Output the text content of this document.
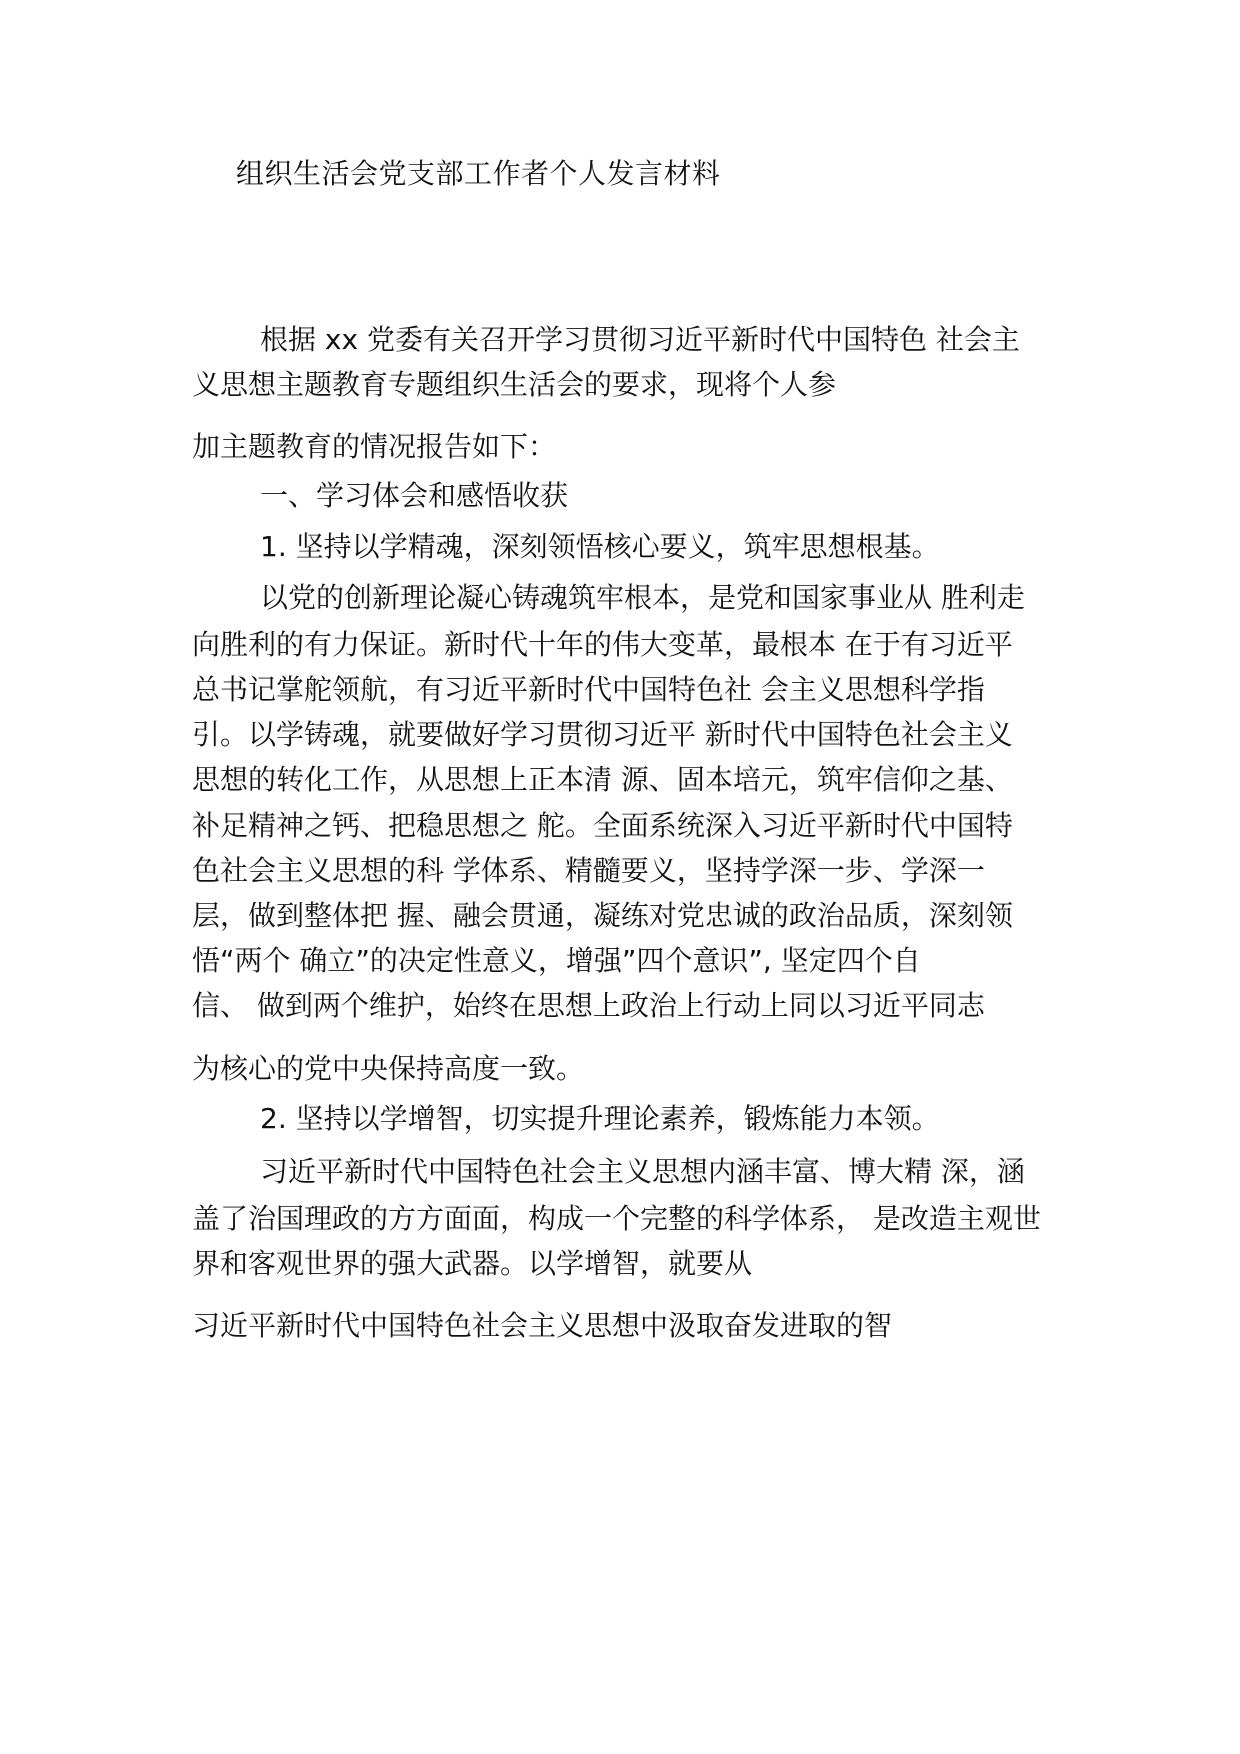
组织生活会党支部工作者个人发言材料
根据 xx 党委有关召开学习贯彻习近平新时代中国特色 社会主
义思想主题教育专题组织生活会的要求，现将个人参
加主题教育的情况报告如下：
一、学习体会和感悟收获
1. 坚持以学精魂，深刻领悟核心要义，筑牢思想根基。
以党的创新理论凝心铸魂筑牢根本，是党和国家事业从 胜利走
向胜利的有力保证。新时代十年的伟大变革，最根本 在于有习近平
总书记掌舵领航，有习近平新时代中国特色社 会主义思想科学指
引。以学铸魂，就要做好学习贯彻习近平 新时代中国特色社会主义
思想的转化工作，从思想上正本清 源、固本培元，筑牢信仰之基、
补足精神之钙、把稳思想之 舵。全面系统深入习近平新时代中国特
色社会主义思想的科 学体系、精髓要义，坚持学深一步、学深一
层，做到整体把 握、融会贯通，凝练对党忠诚的政治品质，深刻领
悟“两个 确立”的决定性意义，增强”四个意识”, 坚定四个自
信、 做到两个维护，始终在思想上政治上行动上同以习近平同志
为核心的党中央保持高度一致。
2. 坚持以学增智，切实提升理论素养，锻炼能力本领。
习近平新时代中国特色社会主义思想内涵丰富、博大精 深，涵
盖了治国理政的方方面面，构成一个完整的科学体系， 是改造主观世
界和客观世界的强大武器。以学增智，就要从
习近平新时代中国特色社会主义思想中汲取奋发进取的智
